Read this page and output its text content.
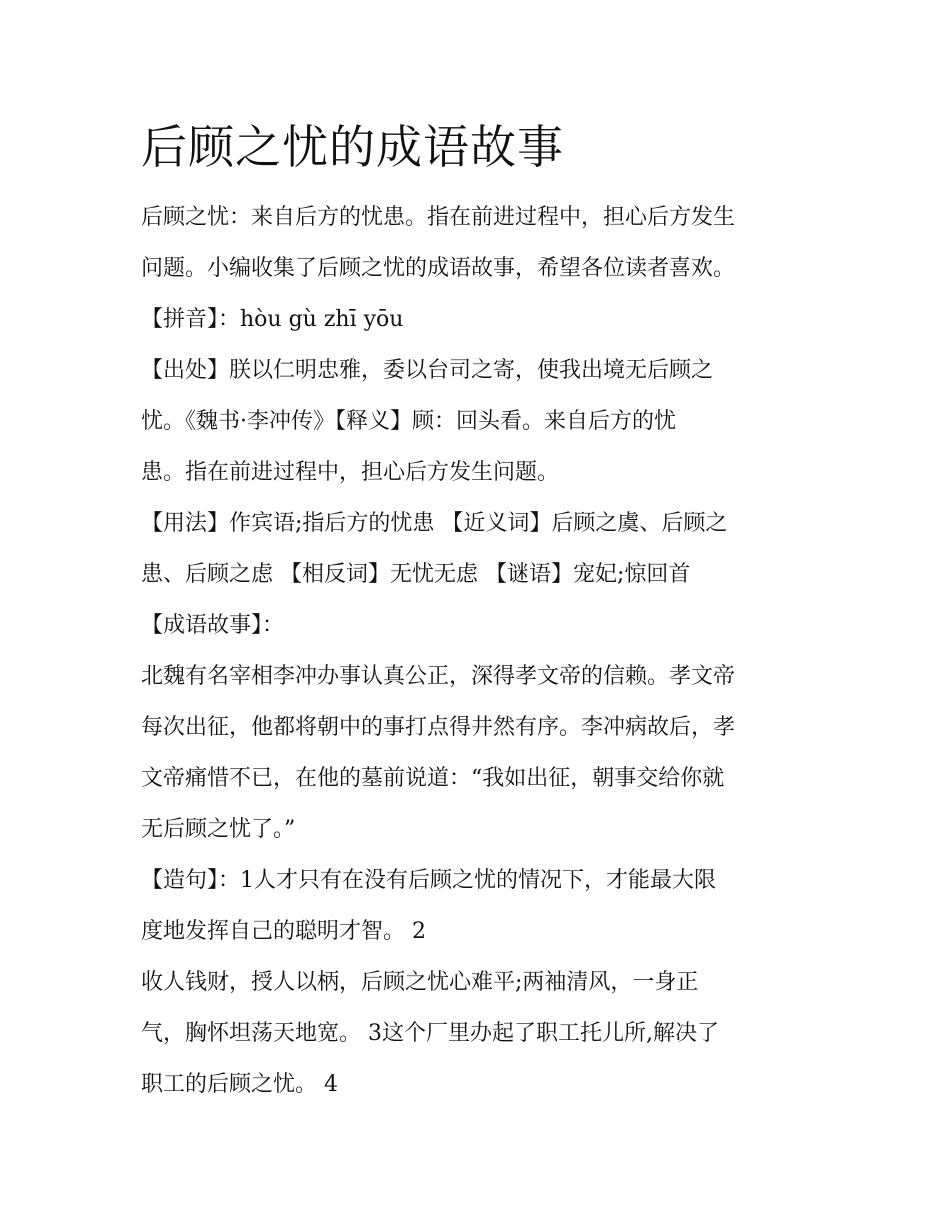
后顾之忧的成语故事

后顾之忧：来自后方的忧患。指在前进过程中，担心后方发生
问题。小编收集了后顾之忧的成语故事，希望各位读者喜欢。

【拼音】：hòu gù zhī yōu

【出处】朕以仁明忠雅，委以台司之寄，使我出境无后顾之
忧。《魏书·李冲传》【释义】顾：回头看。来自后方的忧
患。指在前进过程中，担心后方发生问题。

【用法】作宾语;指后方的忧患 【近义词】后顾之虞、后顾之
患、后顾之虑 【相反词】无忧无虑 【谜语】宠妃;惊回首

【成语故事】：

北魏有名宰相李冲办事认真公正，深得孝文帝的信赖。孝文帝
每次出征，他都将朝中的事打点得井然有序。李冲病故后，孝
文帝痛惜不已，在他的墓前说道：“我如出征，朝事交给你就
无后顾之忧了。”

【造句】：1人才只有在没有后顾之忧的情况下，才能最大限
度地发挥自己的聪明才智。 2

收人钱财，授人以柄，后顾之忧心难平;两袖清风，一身正
气，胸怀坦荡天地宽。 3这个厂里办起了职工托儿所,解决了
职工的后顾之忧。 4
